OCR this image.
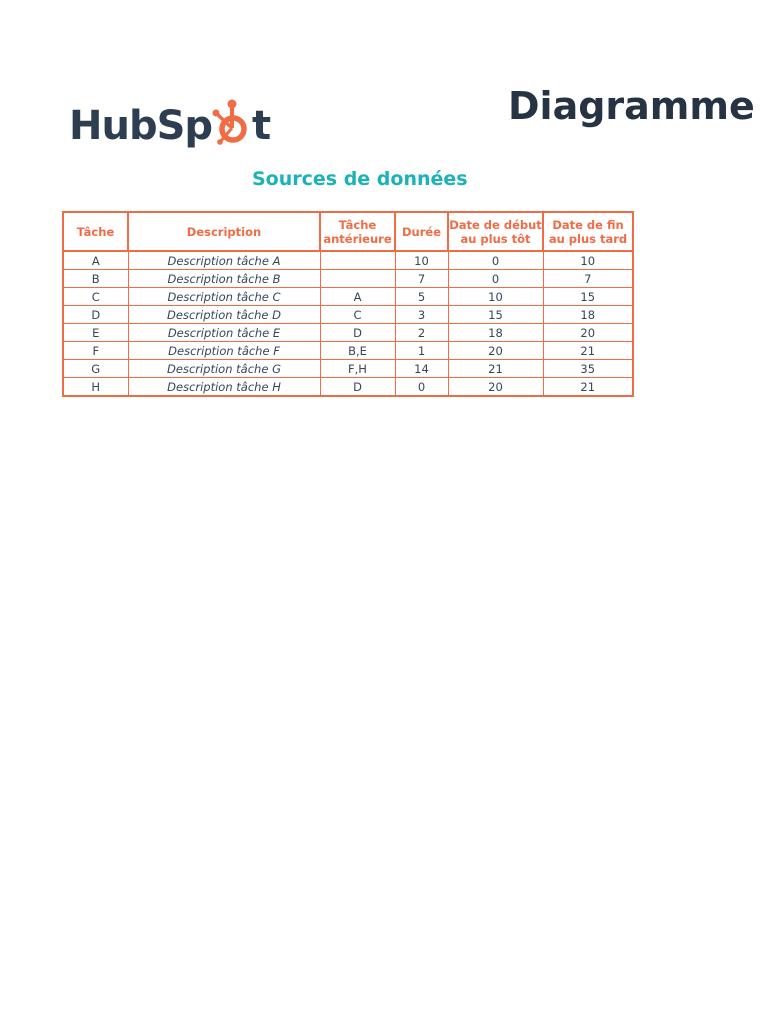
HubSp t	Diagramme
Sources de données
Tâche	Description	Tâche antérieure	Durée	Date de début au plus tôt	Date de fin au plus tard
A	Description tâche A		10	0	10
B	Description tâche B		7	0	7
C	Description tâche C	A	5	10	15
D	Description tâche D	C	3	15	18
E	Description tâche E	D	2	18	20
F	Description tâche F	B,E	1	20	21
G	Description tâche G	F,H	14	21	35
H	Description tâche H	D	0	20	21
